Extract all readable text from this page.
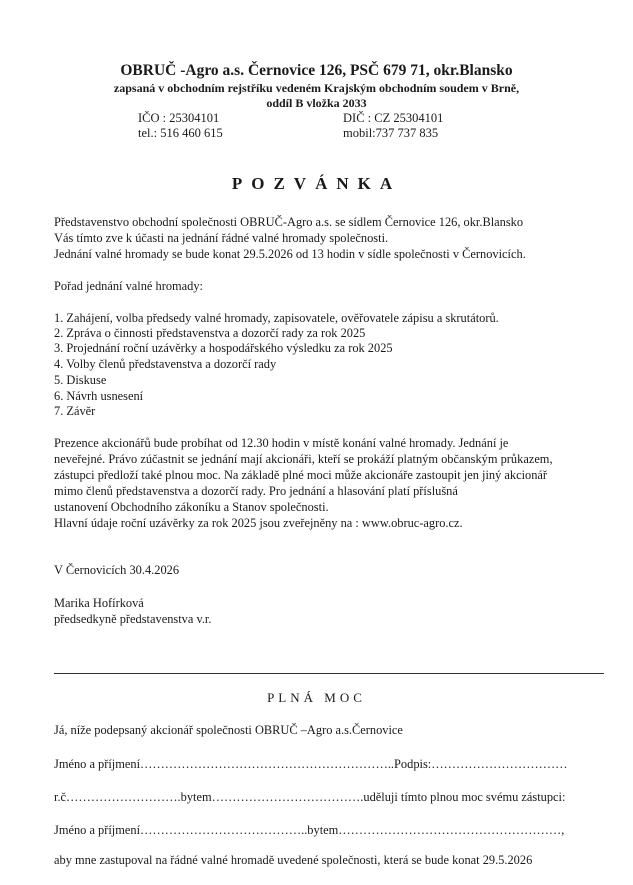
OBRUČ -Agro a.s. Černovice 126, PSČ 679 71, okr.Blansko
zapsaná v obchodním rejstříku vedeném Krajským obchodním soudem v Brně,
oddíl B vložka 2033
IČO : 25304101	DIČ : CZ 25304101
tel.: 516 460 615	mobil:737 737 835
POZVÁNKA
Představenstvo obchodní společnosti OBRUČ-Agro a.s. se sídlem Černovice 126, okr.Blansko
Vás tímto zve k účasti na jednání řádné valné hromady společnosti.
Jednání valné hromady se bude konat 29.5.2026 od 13 hodin v sídle společnosti v Černovicích.
Pořad jednání valné hromady:
1. Zahájení, volba předsedy valné hromady, zapisovatele, ověřovatele zápisu a skrutátorů.
2. Zpráva o činnosti představenstva a dozorčí rady za rok 2025
3. Projednání roční uzávěrky a hospodářského výsledku za rok 2025
4. Volby členů představenstva a dozorčí rady
5. Diskuse
6. Návrh usnesení
7. Závěr
Prezence akcionářů bude probíhat od 12.30 hodin v místě konání valné hromady. Jednání je
neveřejné. Právo zúčastnit se jednání mají akcionáři, kteří se prokáží platným občanským průkazem,
zástupci předloží také plnou moc. Na základě plné moci může akcionáře zastoupit jen jiný akcionář
mimo členů představenstva a dozorčí rady. Pro jednání a hlasování platí příslušná
ustanovení Obchodního zákoníku a Stanov společnosti.
Hlavní údaje roční uzávěrky za rok 2025 jsou zveřejněny na : www.obruc-agro.cz.
V Černovicích 30.4.2026
Marika Hofírková
předsedkyně představenstva v.r.
PLNÁ MOC
Já, níže podepsaný akcionář společnosti OBRUČ –Agro a.s.Černovice
Jméno a příjmení……………………………………………………..Podpis:……………………………
r.č……………………….bytem……………………………….uděluji tímto plnou moc svému zástupci:
Jméno a příjmení…………………………………..bytem………………………………………………,
aby mne zastupoval na řádné valné hromadě uvedené společnosti, která se bude konat 29.5.2026
